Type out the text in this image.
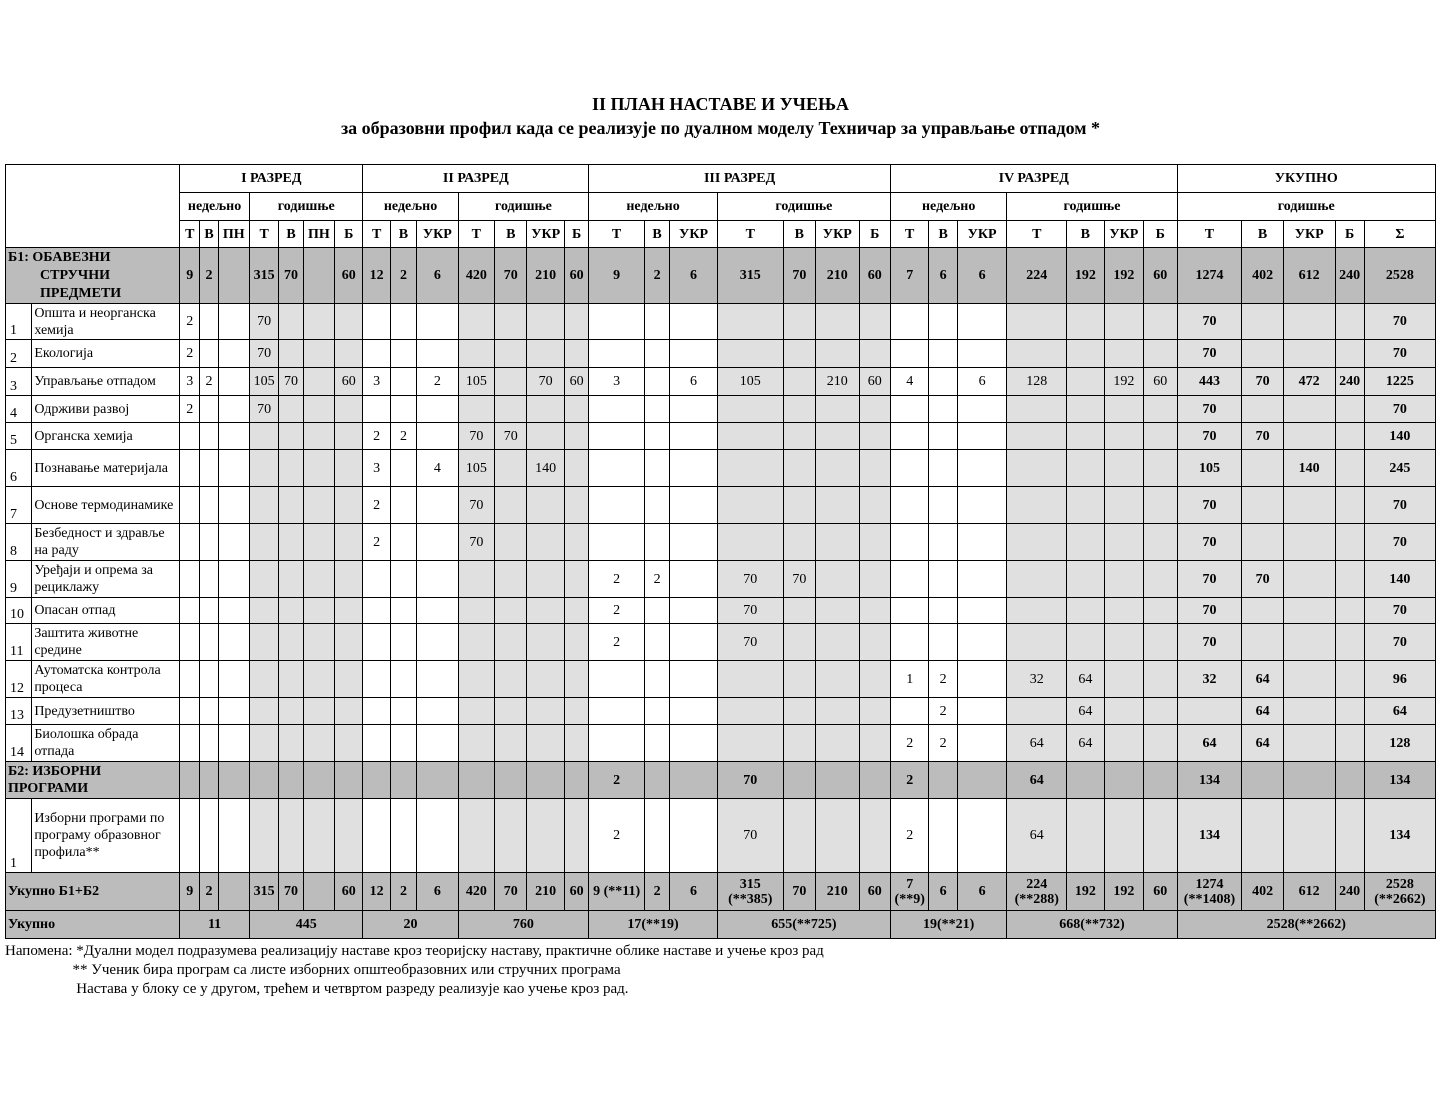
II ПЛАН НАСТАВЕ И УЧЕЊА
за образовни профил када се реализује по дуалном моделу Техничар за управљање отпадом *
		I РАЗРЕД							II РАЗРЕД							III РАЗРЕД							IV РАЗРЕД							УКУПНО				
		недељно			годишње				недељно			годишње				недељно			годишње				недељно			годишње				годишње				
		Т	В	ПН	Т	В	ПН	Б	Т	В	УКР	Т	В	УКР	Б	Т	В	УКР	Т	В	УКР	Б	Т	В	УКР	Т	В	УКР	Б	Т	В	УКР	Б	Σ

Б1: ОБАВЕЗНИ
СТРУЧНИ
ПРЕДМЕТИ		9	2		315	70		60	12	2	6	420	70	210	60	9	2	6	315	70	210	60	7	6	6	224	192	192	60	1274	402	612	240	2528
1	Општа и неорганска хемија	2			70																									70				70
2	Екологија	2			70																									70				70
3	Управљање отпадом	3	2		105	70		60	3		2	105		70	60	3		6	105		210	60	4		6	128		192	60	443	70	472	240	1225
4	Одрживи развој	2			70																									70				70
5	Органска хемија								2	2		70	70																	70	70			140
6	Познавање материјала								3		4	105		140																105		140		245
7	Основе термодинамике								2			70																		70				70
8	Безбедност и здравље на раду								2			70																		70				70
9	Уређаји и опрема за рециклажу															2	2		70	70										70	70			140
10	Опасан отпад															2			70											70				70
11	Заштита животне средине															2			70											70				70
12	Аутоматска контрола процеса																						1	2		32	64			32	64			96
13	Предузетништво																							2			64				64			64
14	Биолошка обрада отпада																						2	2		64	64			64	64			128
Б2: ИЗБОРНИ ПРОГРАМИ																2			70				2			64				134				134
1	Изборни програми по програму образовног профила**															2			70				2			64				134				134
Укупно Б1+Б2		9	2		315	70		60	12	2	6	420	70	210	60	9 (**11)	2	6	315 (**385)	70	210	60	7 (**9)	6	6	224 (**288)	192	192	60	1274 (**1408)	402	612	240	2528 (**2662)
Укупно		11			445				20			760				17(**19)			655(**725)				19(**21)			668(**732)				2528(**2662)				
Напомена: *Дуални модел подразумева реализацију наставе кроз теоријску наставу, практичне облике наставе и учење кроз рад
** Ученик бира програм са листе изборних општеобразовних или стручних програма
Настава у блоку се у другом, трећем и четвртом разреду реализује као учење кроз рад.
